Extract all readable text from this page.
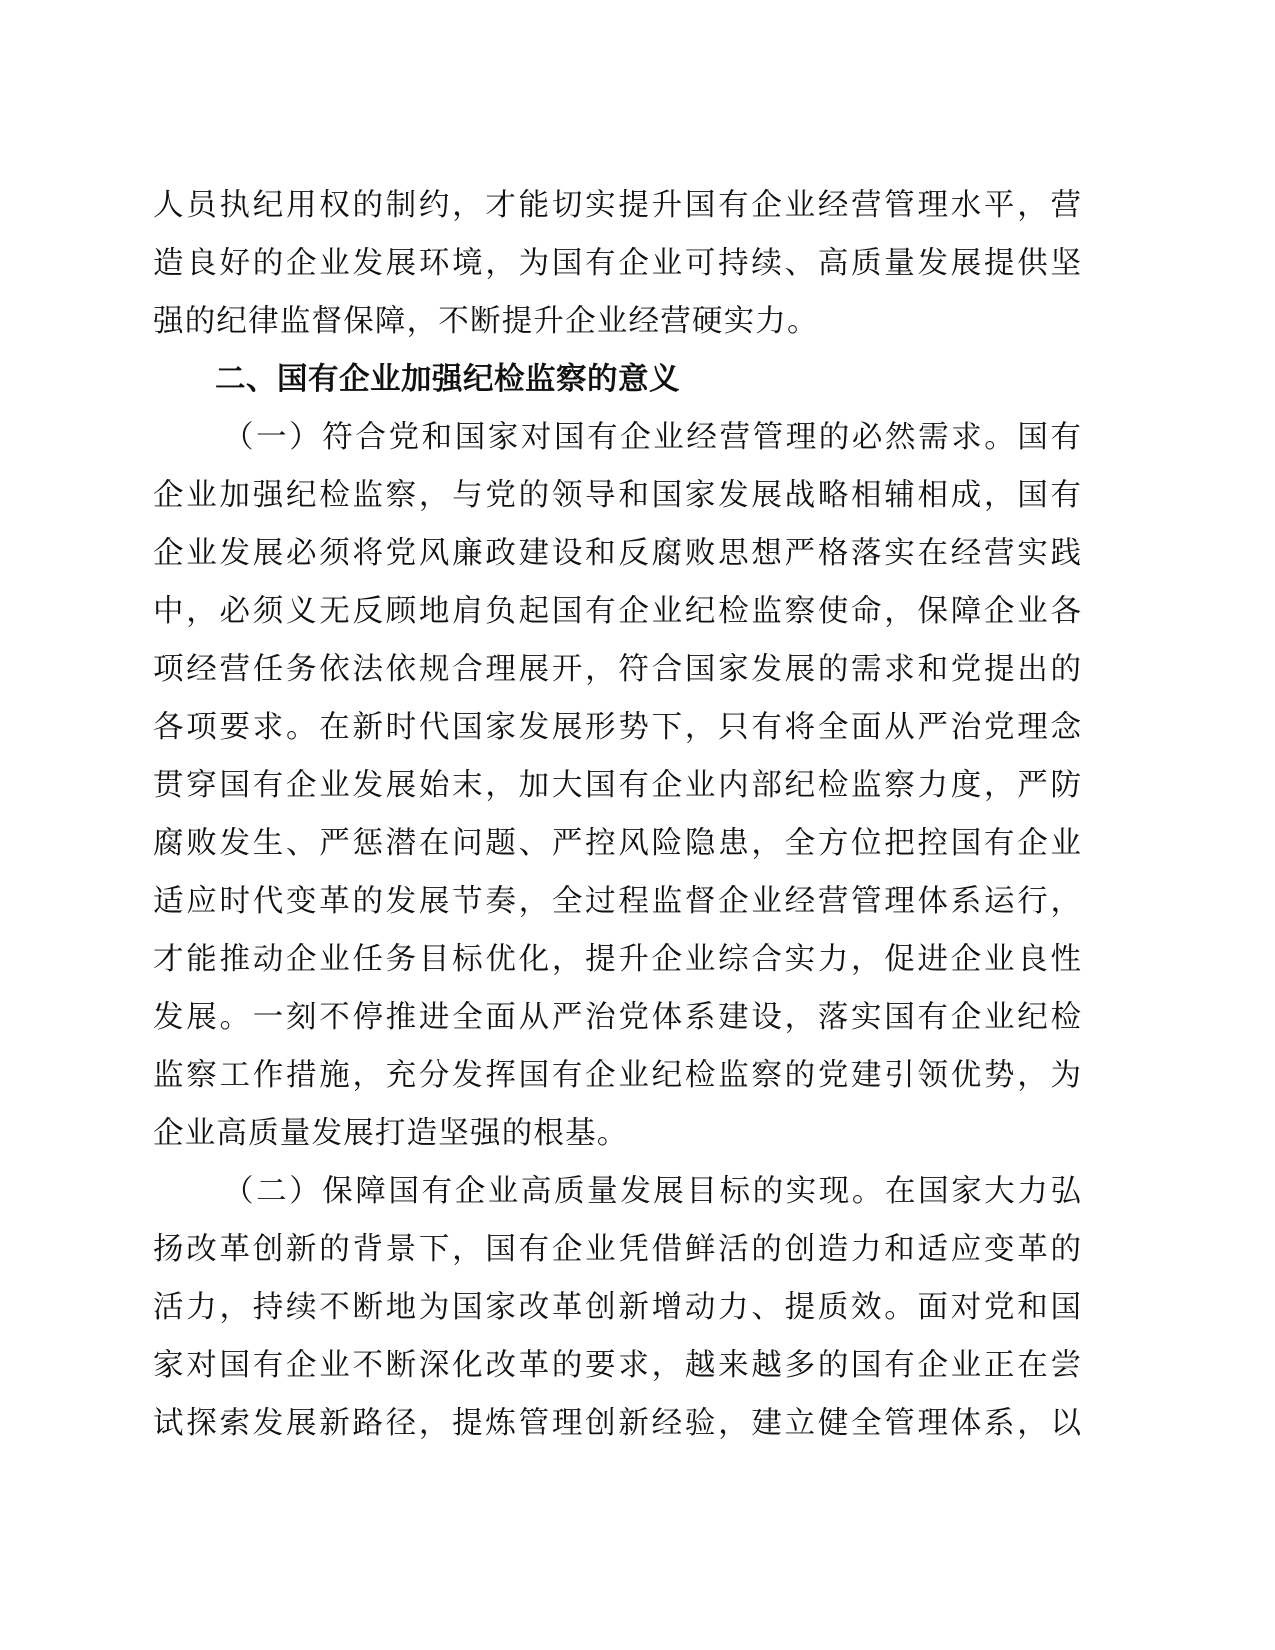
人员执纪用权的制约，才能切实提升国有企业经营管理水平，营
造良好的企业发展环境，为国有企业可持续、高质量发展提供坚
强的纪律监督保障，不断提升企业经营硬实力。
二、国有企业加强纪检监察的意义
（一）符合党和国家对国有企业经营管理的必然需求。国有
企业加强纪检监察，与党的领导和国家发展战略相辅相成，国有
企业发展必须将党风廉政建设和反腐败思想严格落实在经营实践
中，必须义无反顾地肩负起国有企业纪检监察使命，保障企业各
项经营任务依法依规合理展开，符合国家发展的需求和党提出的
各项要求。在新时代国家发展形势下，只有将全面从严治党理念
贯穿国有企业发展始末，加大国有企业内部纪检监察力度，严防
腐败发生、严惩潜在问题、严控风险隐患，全方位把控国有企业
适应时代变革的发展节奏，全过程监督企业经营管理体系运行，
才能推动企业任务目标优化，提升企业综合实力，促进企业良性
发展。一刻不停推进全面从严治党体系建设，落实国有企业纪检
监察工作措施，充分发挥国有企业纪检监察的党建引领优势，为
企业高质量发展打造坚强的根基。
（二）保障国有企业高质量发展目标的实现。在国家大力弘
扬改革创新的背景下，国有企业凭借鲜活的创造力和适应变革的
活力，持续不断地为国家改革创新增动力、提质效。面对党和国
家对国有企业不断深化改革的要求，越来越多的国有企业正在尝
试探索发展新路径，提炼管理创新经验，建立健全管理体系，以
